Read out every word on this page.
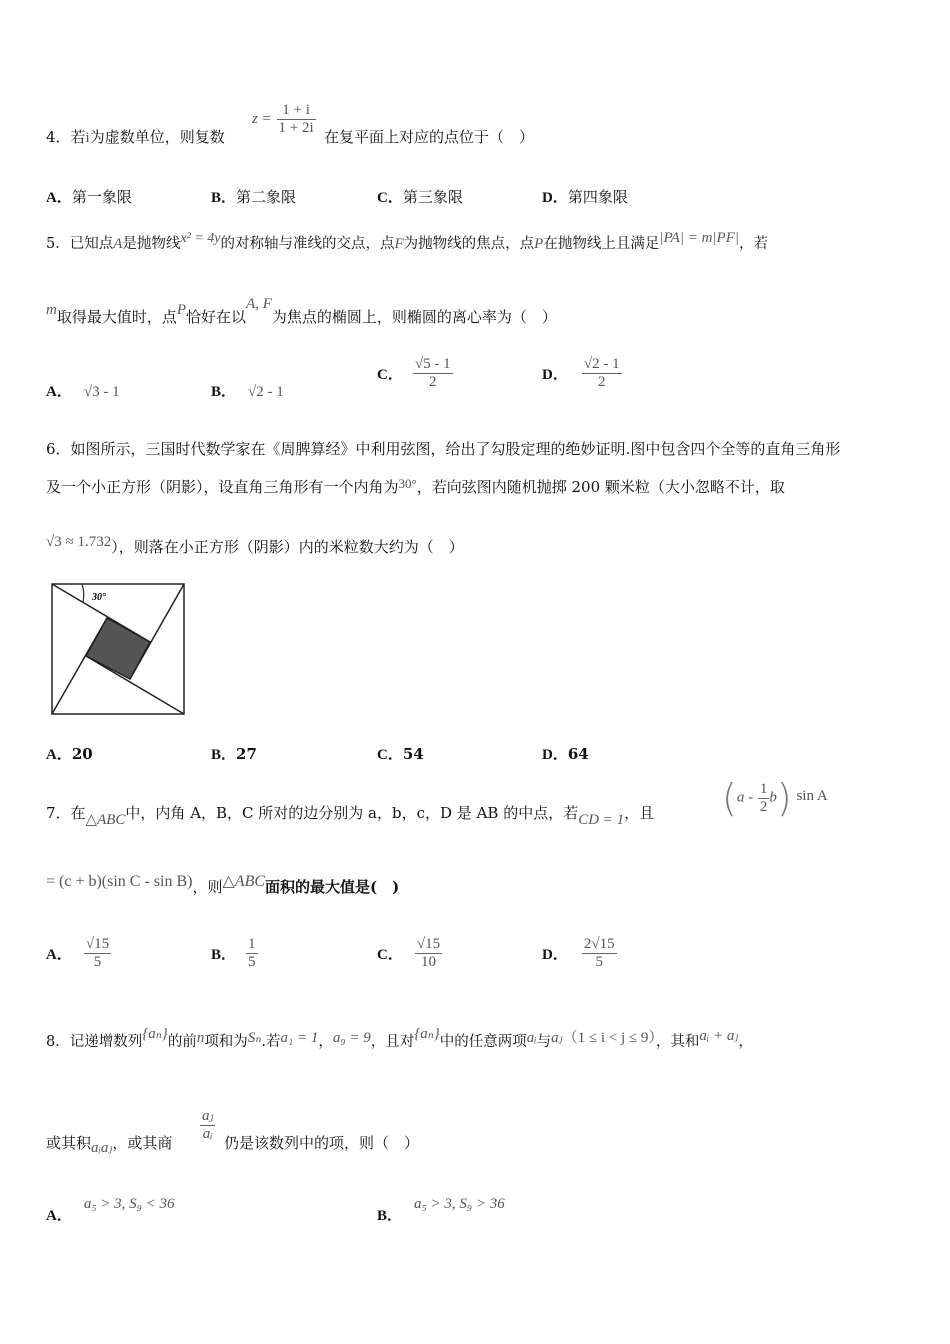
4．若i为虚数单位，则复数
$z = \frac{1 + i}{1 + 2i}$ 在复平面上对应的点位于（　）
A．第一象限	B．第二象限	C．第三象限	D．第四象限
5．已知点A是抛物线x² = 4y的对称轴与准线的交点，点F为抛物线的焦点，点P在抛物线上且满足|PA| = m|PF|，若
m取得最大值时，点P恰好在以A, F为焦点的椭圆上，则椭圆的离心率为（　）
A． √3 - 1	B． √2 - 1
C． $\frac{√5 - 1}{2}$	D． $\frac{√2 - 1}{2}$
6．如图所示，三国时代数学家在《周脾算经》中利用弦图，给出了勾股定理的绝妙证明.图中包含四个全等的直角三角形
及一个小正方形（阴影），设直角三角形有一个内角为30°，若向弦图内随机抛掷 200 颗米粒（大小忽略不计，取
√3 ≈ 1.732），则落在小正方形（阴影）内的米粒数大约为（　）
30°
A．20	B．27	C．54	D．64
7．在△ABC中，内角 A，B，C 所对的边分别为 a，b，c，D 是 AB 的中点，若CD = 1，且 $(a - \frac{1}{2} b)$ sin A
= (c + b)(sin C - sin B)，则△ABC面积的最大值是(　)
A． $\frac{√15}{5}$	B． $\frac{1}{5}$	C． $\frac{√15}{10}$	D． $\frac{2√15}{5}$
8．记递增数列{aₙ}的前n项和为Sₙ.若a₁ = 1，a₉ = 9，且对{aₙ}中的任意两项aᵢ与aⱼ（1 ≤ i < j ≤ 9），其和aᵢ + aⱼ，
或其积aᵢaⱼ，或其商 $\frac{\text{aⱼ}}{\text{aᵢ}}$ 仍是该数列中的项，则（　）
A．a₅ > 3, S₉ < 36
B．a₅ > 3, S₉ > 36
